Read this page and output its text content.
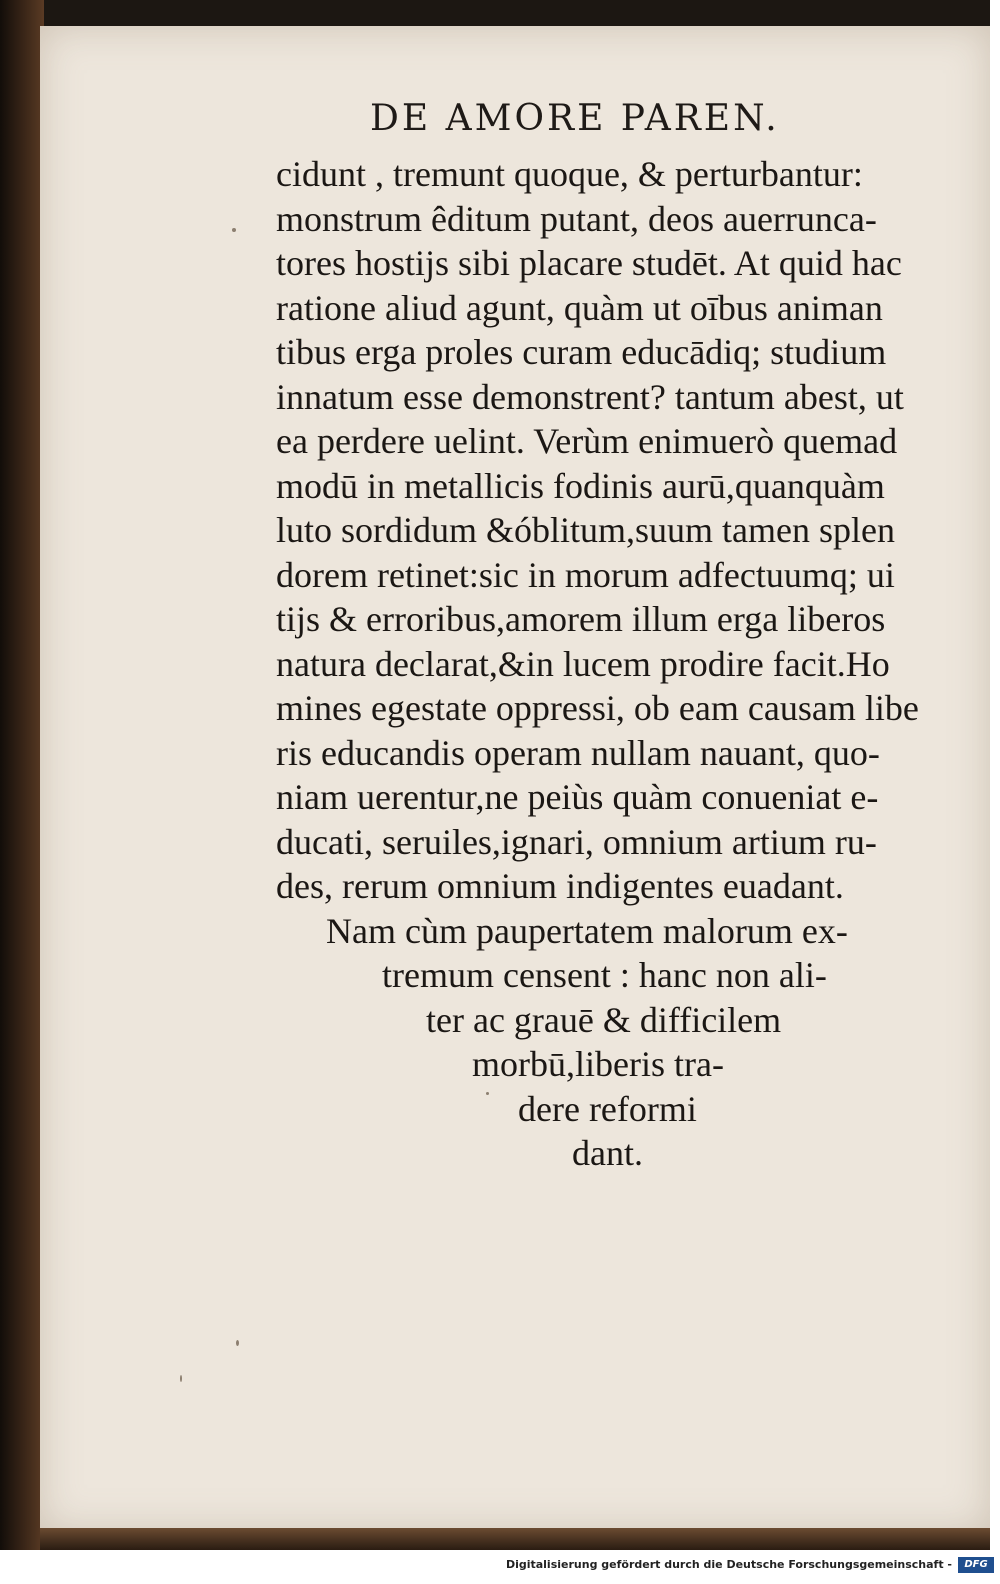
DE AMORE PAREN.
cidunt , tremunt quoque, & perturbantur:
monstrum êditum putant, deos auerrunca-
tores hostijs sibi placare studēt. At quid hac
ratione aliud agunt, quàm ut oībus animan
tibus erga proles curam educādiq; studium
innatum esse demonstrent? tantum abest, ut
ea perdere uelint. Verùm enimuerò quemad
modū in metallicis fodinis aurū,quanquàm
luto sordidum &óblitum,suum tamen splen
dorem retinet:sic in morum adfectuumq; ui
tijs & erroribus,amorem illum erga liberos
natura declarat,&in lucem prodire facit.Ho
mines egestate oppressi, ob eam causam libe
ris educandis operam nullam nauant, quo-
niam uerentur,ne peiùs quàm conueniat e-
ducati, seruiles,ignari, omnium artium ru-
des, rerum omnium indigentes euadant.
Nam cùm paupertatem malorum ex-
tremum censent : hanc non ali-
ter ac grauē & difficilem
morbū,liberis tra-
dere reformi
dant.
Digitalisierung gefördert durch die Deutsche Forschungsgemeinschaft -	DFG
